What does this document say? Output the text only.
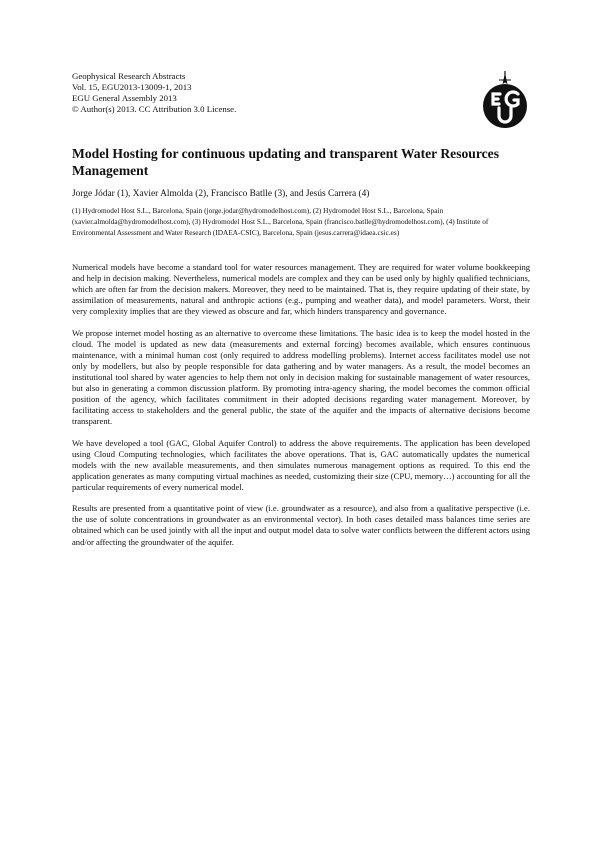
Geophysical Research Abstracts
Vol. 15, EGU2013-13009-1, 2013
EGU General Assembly 2013
© Author(s) 2013. CC Attribution 3.0 License.
Model Hosting for continuous updating and transparent Water Resources Management
Jorge Jódar (1), Xavier Almolda (2), Francisco Batlle (3), and Jesús Carrera (4)
(1) Hydromodel Host S.L., Barcelona, Spain (jorge.jodar@hydromodelhost.com), (2) Hydromodel Host S.L., Barcelona, Spain (xavier.almolda@hydromodelhost.com), (3) Hydromodel Host S.L., Barcelona, Spain (francisco.batlle@hydromodelhost.com), (4) Institute of Environmental Assessment and Water Research (IDAEA-CSIC), Barcelona, Spain (jesus.carrera@idaea.csic.es)

Numerical models have become a standard tool for water resources management. They are required for water volume bookkeeping and help in decision making. Nevertheless, numerical models are complex and they can be used only by highly qualified technicians, which are often far from the decision makers. Moreover, they need to be maintained. That is, they require updating of their state, by assimilation of measurements, natural and anthropic actions (e.g., pumping and weather data), and model parameters. Worst, their very complexity implies that are they viewed as obscure and far, which hinders transparency and governance.

We propose internet model hosting as an alternative to overcome these limitations. The basic idea is to keep the model hosted in the cloud. The model is updated as new data (measurements and external forcing) becomes available, which ensures continuous maintenance, with a minimal human cost (only required to address modelling problems). Internet access facilitates model use not only by modellers, but also by people responsible for data gathering and by water managers. As a result, the model becomes an institutional tool shared by water agencies to help them not only in decision making for sustainable management of water resources, but also in generating a common discussion platform. By promoting intra-agency sharing, the model becomes the common official position of the agency, which facilitates commitment in their adopted decisions regarding water management. Moreover, by facilitating access to stakeholders and the general public, the state of the aquifer and the impacts of alternative decisions become transparent.

We have developed a tool (GAC, Global Aquifer Control) to address the above requirements. The application has been developed using Cloud Computing technologies, which facilitates the above operations. That is, GAC automatically updates the numerical models with the new available measurements, and then simulates numerous management options as required. To this end the application generates as many computing virtual machines as needed, customizing their size (CPU, memory…) accounting for all the particular requirements of every numerical model.

Results are presented from a quantitative point of view (i.e. groundwater as a resource), and also from a qualitative perspective (i.e. the use of solute concentrations in groundwater as an environmental vector). In both cases detailed mass balances time series are obtained which can be used jointly with all the input and output model data to solve water conflicts between the different actors using and/or affecting the groundwater of the aquifer.
